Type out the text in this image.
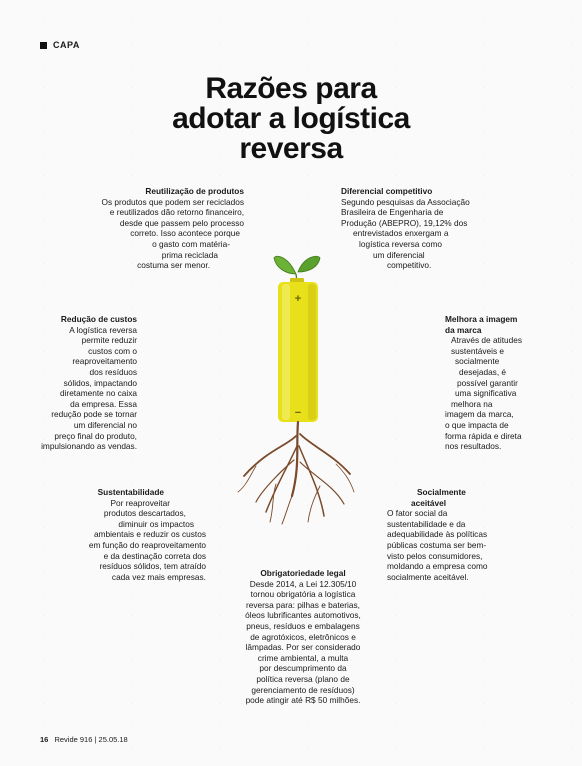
CAPA
Razões para
adotar a logística
reversa
Reutilização de produtos
Os produtos que podem ser reciclados
e reutilizados dão retorno financeiro,
desde que passem pelo processo
correto. Isso acontece porque
o gasto com matéria-
prima reciclada
costuma ser menor.
Diferencial competitivo
Segundo pesquisas da Associação
Brasileira de Engenharia de
Produção (ABEPRO), 19,12% dos
entrevistados enxergam a
logística reversa como
um diferencial
competitivo.
Redução de custos
A logística reversa
permite reduzir
custos com o
reaproveitamento
dos resíduos
sólidos, impactando
diretamente no caixa
da empresa. Essa
redução pode se tornar
um diferencial no
preço final do produto,
impulsionando as vendas.
Melhora a imagem
da marca
Através de atitudes
sustentáveis e
socialmente
desejadas, é
possível garantir
uma significativa
melhora na
imagem da marca,
o que impacta de
forma rápida e direta
nos resultados.
Sustentabilidade
Por reaproveitar
produtos descartados,
diminuir os impactos
ambientais e reduzir os custos
em função do reaproveitamento
e da destinação correta dos
resíduos sólidos, tem atraído
cada vez mais empresas.
Socialmente
aceitável
O fator social da
sustentabilidade e da
adequabilidade às políticas
públicas costuma ser bem-
visto pelos consumidores,
moldando a empresa como
socialmente aceitável.
Obrigatoriedade legal
Desde 2014, a Lei 12.305/10
tornou obrigatória a logística
reversa para: pilhas e baterias,
óleos lubrificantes automotivos,
pneus, resíduos e embalagens
de agrotóxicos, eletrônicos e
lâmpadas. Por ser considerado
crime ambiental, a multa
por descumprimento da
política reversa (plano de
gerenciamento de resíduos)
pode atingir até R$ 50 milhões.
+
−
16 Revide 916 | 25.05.18
